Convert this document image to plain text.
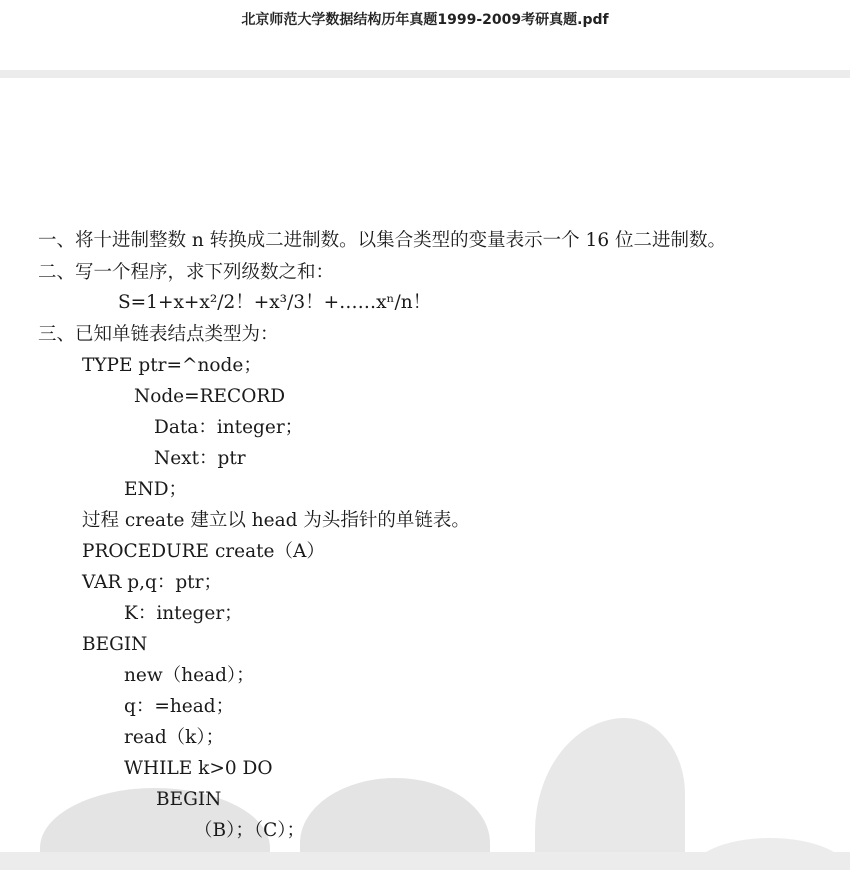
北京师范大学数据结构历年真题1999-2009考研真题.pdf
一、将十进制整数 n 转换成二进制数。以集合类型的变量表示一个 16 位二进制数。
二、写一个程序，求下列级数之和：
S=1+x+x²/2！+x³/3！+……xⁿ/n！
三、已知单链表结点类型为：
TYPE ptr=^node；
Node=RECORD
Data：integer；
Next：ptr
END；
过程 create 建立以 head 为头指针的单链表。
PROCEDURE create（A）
VAR p,q：ptr；
K：integer；
BEGIN
new（head）；
q：=head；
read（k）；
WHILE k>0 DO
BEGIN
（B）；（C）；
